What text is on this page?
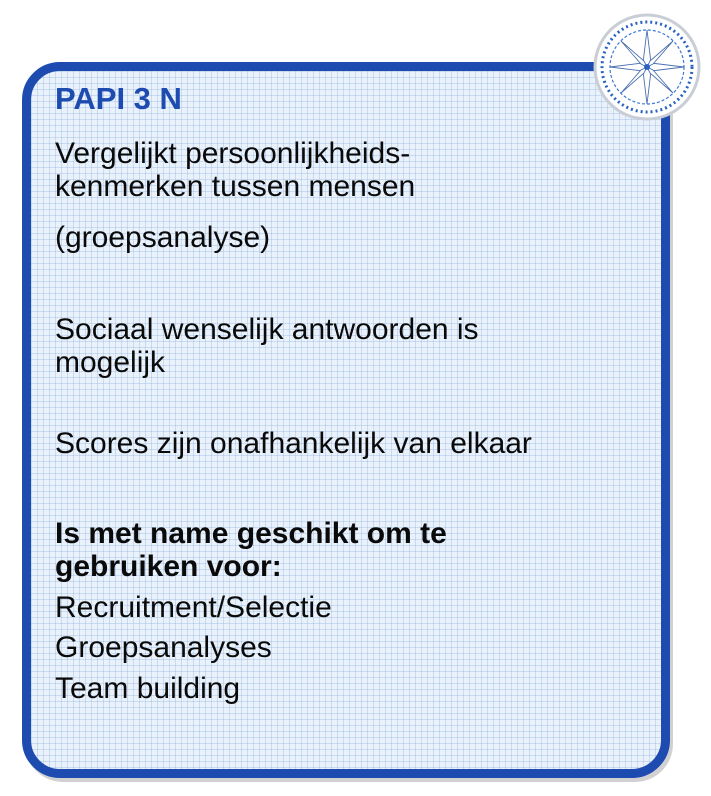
PAPI 3 N
Vergelijkt persoonlijkheids-
kenmerken tussen mensen
(groepsanalyse)
Sociaal wenselijk antwoorden is
mogelijk
Scores zijn onafhankelijk van elkaar
Is met name geschikt om te
gebruiken voor:
Recruitment/Selectie
Groepsanalyses
Team building
